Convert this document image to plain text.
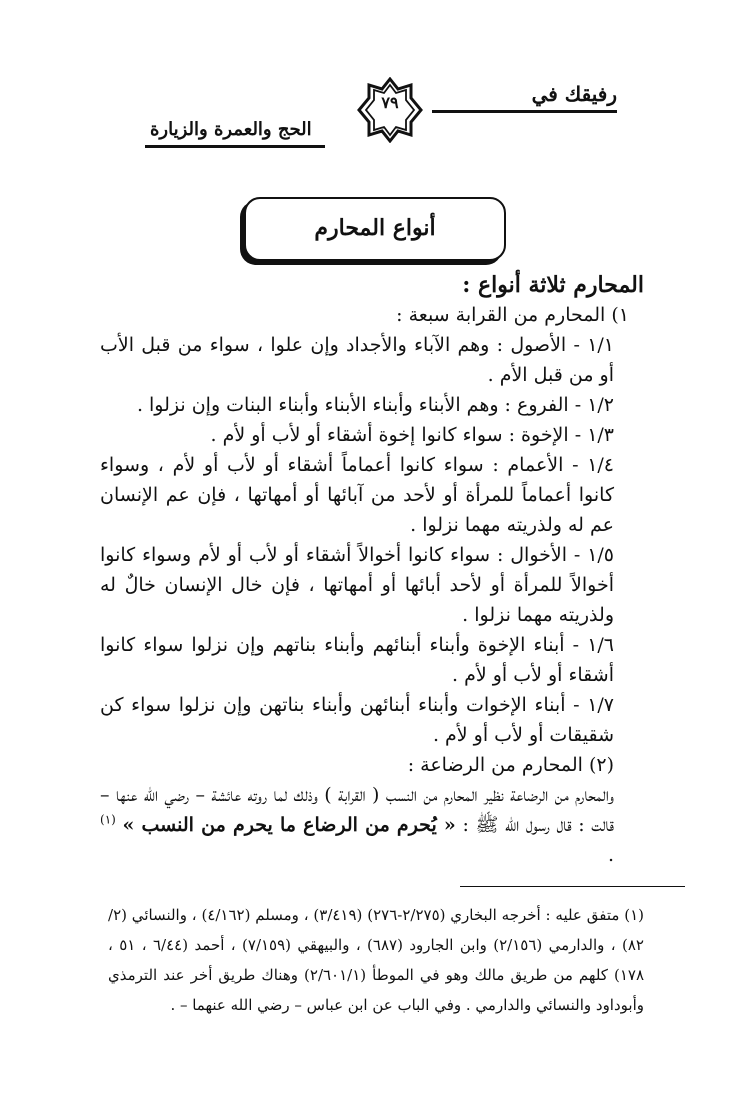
رفيقك في
٧٩
الحج والعمرة والزيارة
أنواع المحارم

المحارم ثلاثة أنواع :

١) المحارم من القرابة سبعة :

١/١ - الأصول : وهم الآباء والأجداد وإن علوا ، سواء من قبل الأب أو من قبل الأم .

١/٢ - الفروع : وهم الأبناء وأبناء الأبناء وأبناء البنات وإن نزلوا .

١/٣ - الإخوة : سواء كانوا إخوة أشقاء أو لأب أو لأم .

١/٤ - الأعمام : سواء كانوا أعماماً أشقاء أو لأب أو لأم ، وسواء كانوا أعماماً للمرأة أو لأحد من آبائها أو أمهاتها ، فإن عم الإنسان عم له ولذريته مهما نزلوا .

١/٥ - الأخوال : سواء كانوا أخوالاً أشقاء أو لأب أو لأم وسواء كانوا أخوالاً للمرأة أو لأحد أبائها أو أمهاتها ، فإن خال الإنسان خالٌ له ولذريته مهما نزلوا .

١/٦ - أبناء الإخوة وأبناء أبنائهم وأبناء بناتهم وإن نزلوا سواء كانوا أشقاء أو لأب أو لأم .

١/٧ - أبناء الإخوات وأبناء أبنائهن وأبناء بناتهن وإن نزلوا سواء كن شقيقات أو لأب أو لأم .

(٢) المحارم من الرضاعة :

والمحارم من الرضاعة نظير المحارم من النسب ( القرابة ) وذلك لما روته عائشة – رضي الله عنها – قالت : قال رسول الله ﷺ : « يُحرم من الرضاع ما يحرم من النسب » $^{(١)}$ .

(١) متفق عليه : أخرجه البخاري (٢/٢٧٥-٢٧٦) (٣/٤١٩) ، ومسلم (٤/١٦٢) ، والنسائي (٢/ ٨٢) ، والدارمي (٢/١٥٦) وابن الجارود (٦٨٧) ، والبيهقي (٧/١٥٩) ، أحمد (٦/٤٤ ، ٥١ ، ١٧٨) كلهم من طريق مالك وهو في الموطأ (٢/٦٠١/١) وهناك طريق أخر عند الترمذي وأبوداود والنسائي والدارمي . وفي الباب عن ابن عباس – رضي الله عنهما – .
